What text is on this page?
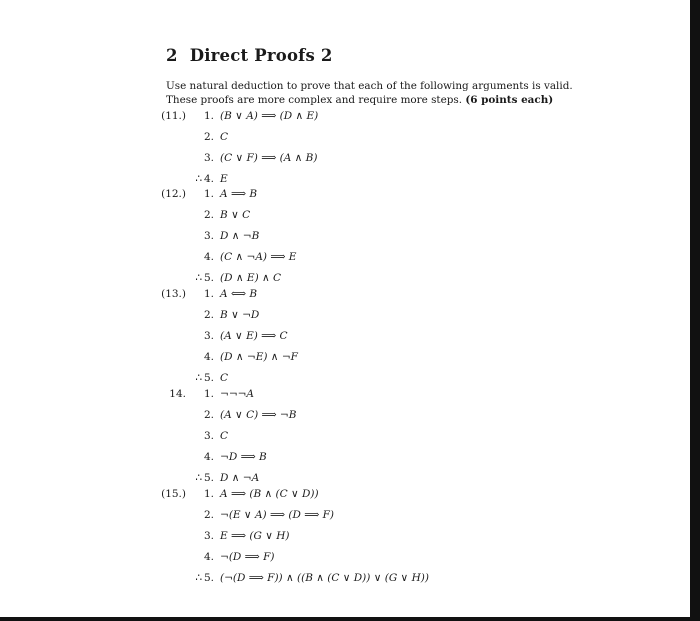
2 Direct Proofs 2
Use natural deduction to prove that each of the following arguments is valid.
These proofs are more complex and require more steps. (6 points each)
(11.) 1. (B ∨ A) ⟹ (D ∧ E)
2. C
3. (C ∨ F) ⟹ (A ∧ B)
∴ 4. E
(12.) 1. A ⟹ B
2. B ∨ C
3. D ∧ ¬B
4. (C ∧ ¬A) ⟹ E
∴ 5. (D ∧ E) ∧ C
(13.) 1. A ⟺ B
2. B ∨ ¬D
3. (A ∨ E) ⟹ C
4. (D ∧ ¬E) ∧ ¬F
∴ 5. C
14. 1. ¬¬¬A
2. (A ∨ C) ⟹ ¬B
3. C
4. ¬D ⟹ B
∴ 5. D ∧ ¬A
(15.) 1. A ⟹ (B ∧ (C ∨ D))
2. ¬(E ∨ A) ⟹ (D ⟹ F)
3. E ⟹ (G ∨ H)
4. ¬(D ⟹ F)
∴ 5. (¬(D ⟹ F)) ∧ ((B ∧ (C ∨ D)) ∨ (G ∨ H))
